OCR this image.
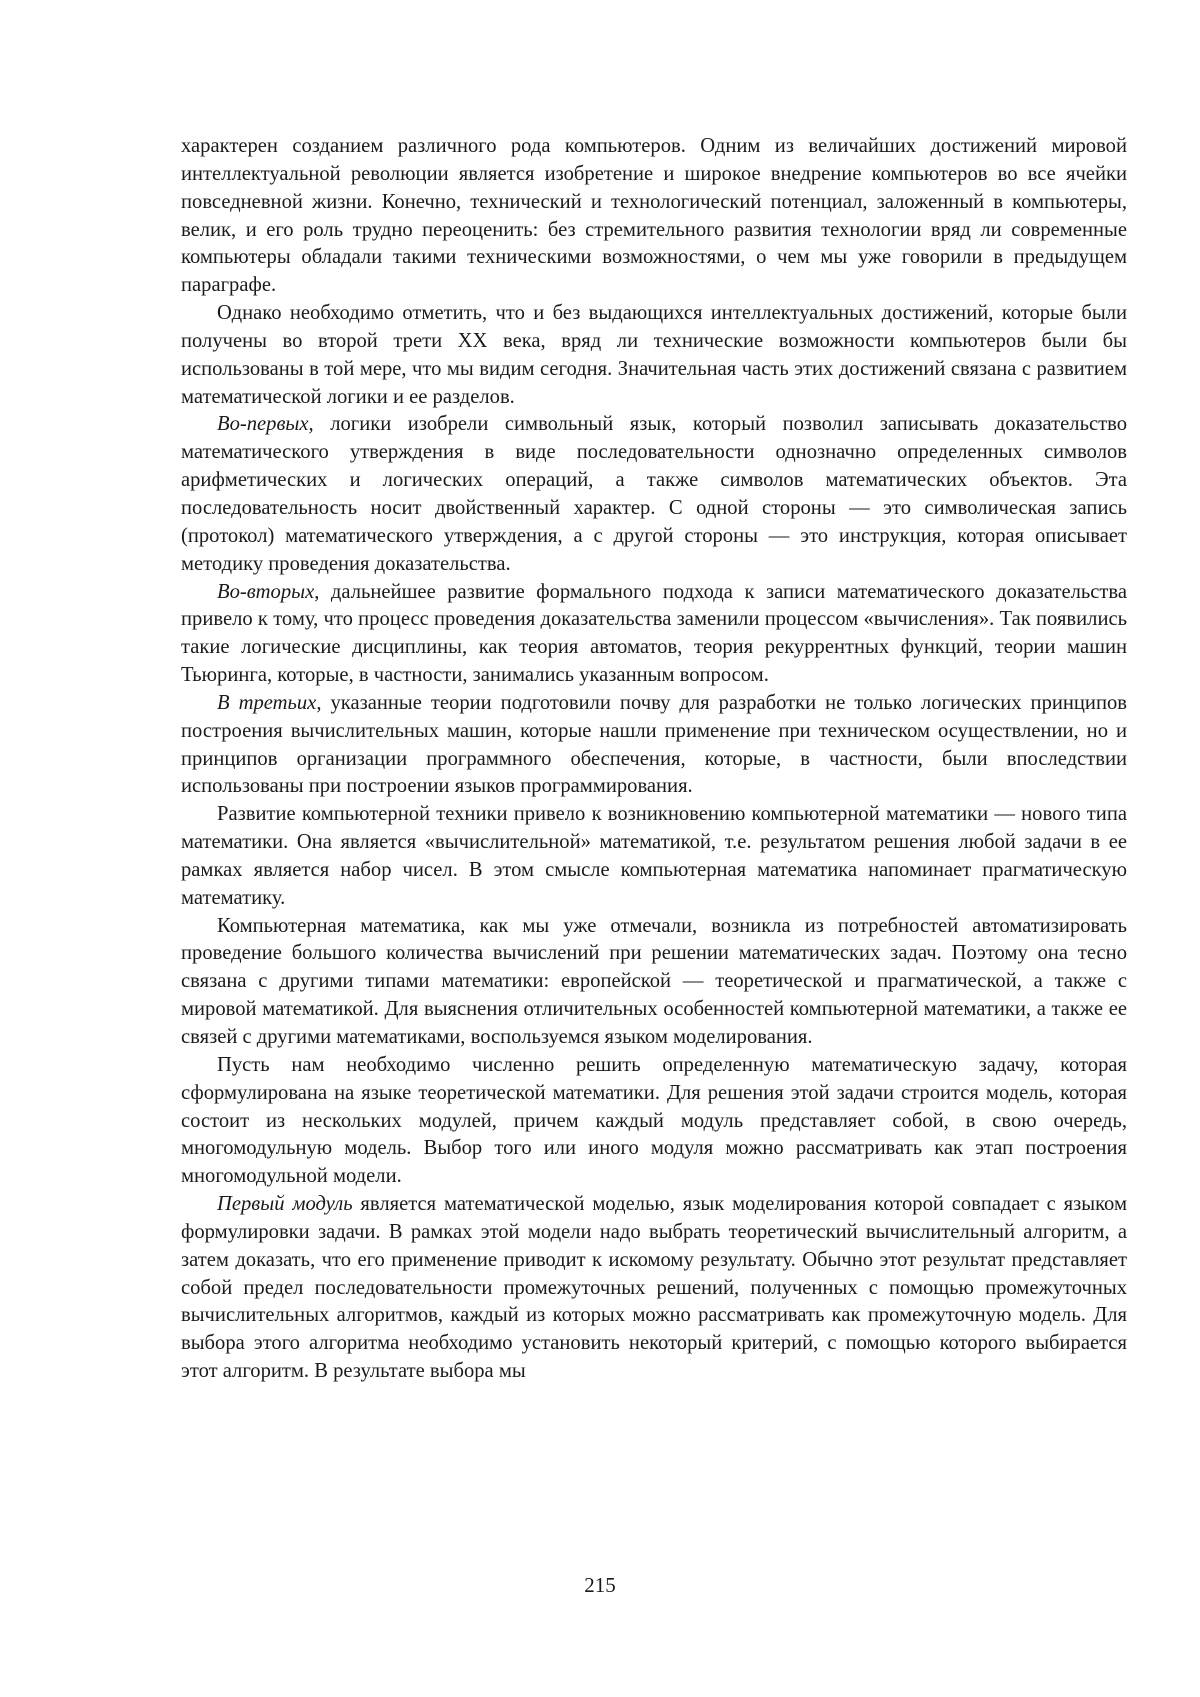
характерен созданием различного рода компьютеров. Одним из величайших достижений мировой интеллектуальной революции является изобретение и широкое внедрение компьютеров во все ячейки повседневной жизни. Конечно, технический и технологический потенциал, заложенный в компьютеры, велик, и его роль трудно переоценить: без стремительного развития технологии вряд ли современные компьютеры обладали такими техническими возможностями, о чем мы уже говорили в предыдущем параграфе.

Однако необходимо отметить, что и без выдающихся интеллектуальных достижений, которые были получены во второй трети XX века, вряд ли технические возможности компьютеров были бы использованы в той мере, что мы видим сегодня. Значительная часть этих достижений связана с развитием математической логики и ее разделов.

Во-первых, логики изобрели символьный язык, который позволил записывать доказательство математического утверждения в виде последовательности однозначно определенных символов арифметических и логических операций, а также символов математических объектов. Эта последовательность носит двойственный характер. С одной стороны — это символическая запись (протокол) математического утверждения, а с другой стороны — это инструкция, которая описывает методику проведения доказательства.

Во-вторых, дальнейшее развитие формального подхода к записи математического доказательства привело к тому, что процесс проведения доказательства заменили процессом «вычисления». Так появились такие логические дисциплины, как теория автоматов, теория рекуррентных функций, теории машин Тьюринга, которые, в частности, занимались указанным вопросом.

В третьих, указанные теории подготовили почву для разработки не только логических принципов построения вычислительных машин, которые нашли применение при техническом осуществлении, но и принципов организации программного обеспечения, которые, в частности, были впоследствии использованы при построении языков программирования.

Развитие компьютерной техники привело к возникновению компьютерной математики — нового типа математики. Она является «вычислительной» математикой, т.е. результатом решения любой задачи в ее рамках является набор чисел. В этом смысле компьютерная математика напоминает прагматическую математику.

Компьютерная математика, как мы уже отмечали, возникла из потребностей автоматизировать проведение большого количества вычислений при решении математических задач. Поэтому она тесно связана с другими типами математики: европейской — теоретической и прагматической, а также с мировой математикой. Для выяснения отличительных особенностей компьютерной математики, а также ее связей с другими математиками, воспользуемся языком моделирования.

Пусть нам необходимо численно решить определенную математическую задачу, которая сформулирована на языке теоретической математики. Для решения этой задачи строится модель, которая состоит из нескольких модулей, причем каждый модуль представляет собой, в свою очередь, многомодульную модель. Выбор того или иного модуля можно рассматривать как этап построения многомодульной модели.

Первый модуль является математической моделью, язык моделирования которой совпадает с языком формулировки задачи. В рамках этой модели надо выбрать теоретический вычислительный алгоритм, а затем доказать, что его применение приводит к искомому результату. Обычно этот результат представляет собой предел последовательности промежуточных решений, полученных с помощью промежуточных вычислительных алгоритмов, каждый из которых можно рассматривать как промежуточную модель. Для выбора этого алгоритма необходимо установить некоторый критерий, с помощью которого выбирается этот алгоритм. В результате выбора мы

215
